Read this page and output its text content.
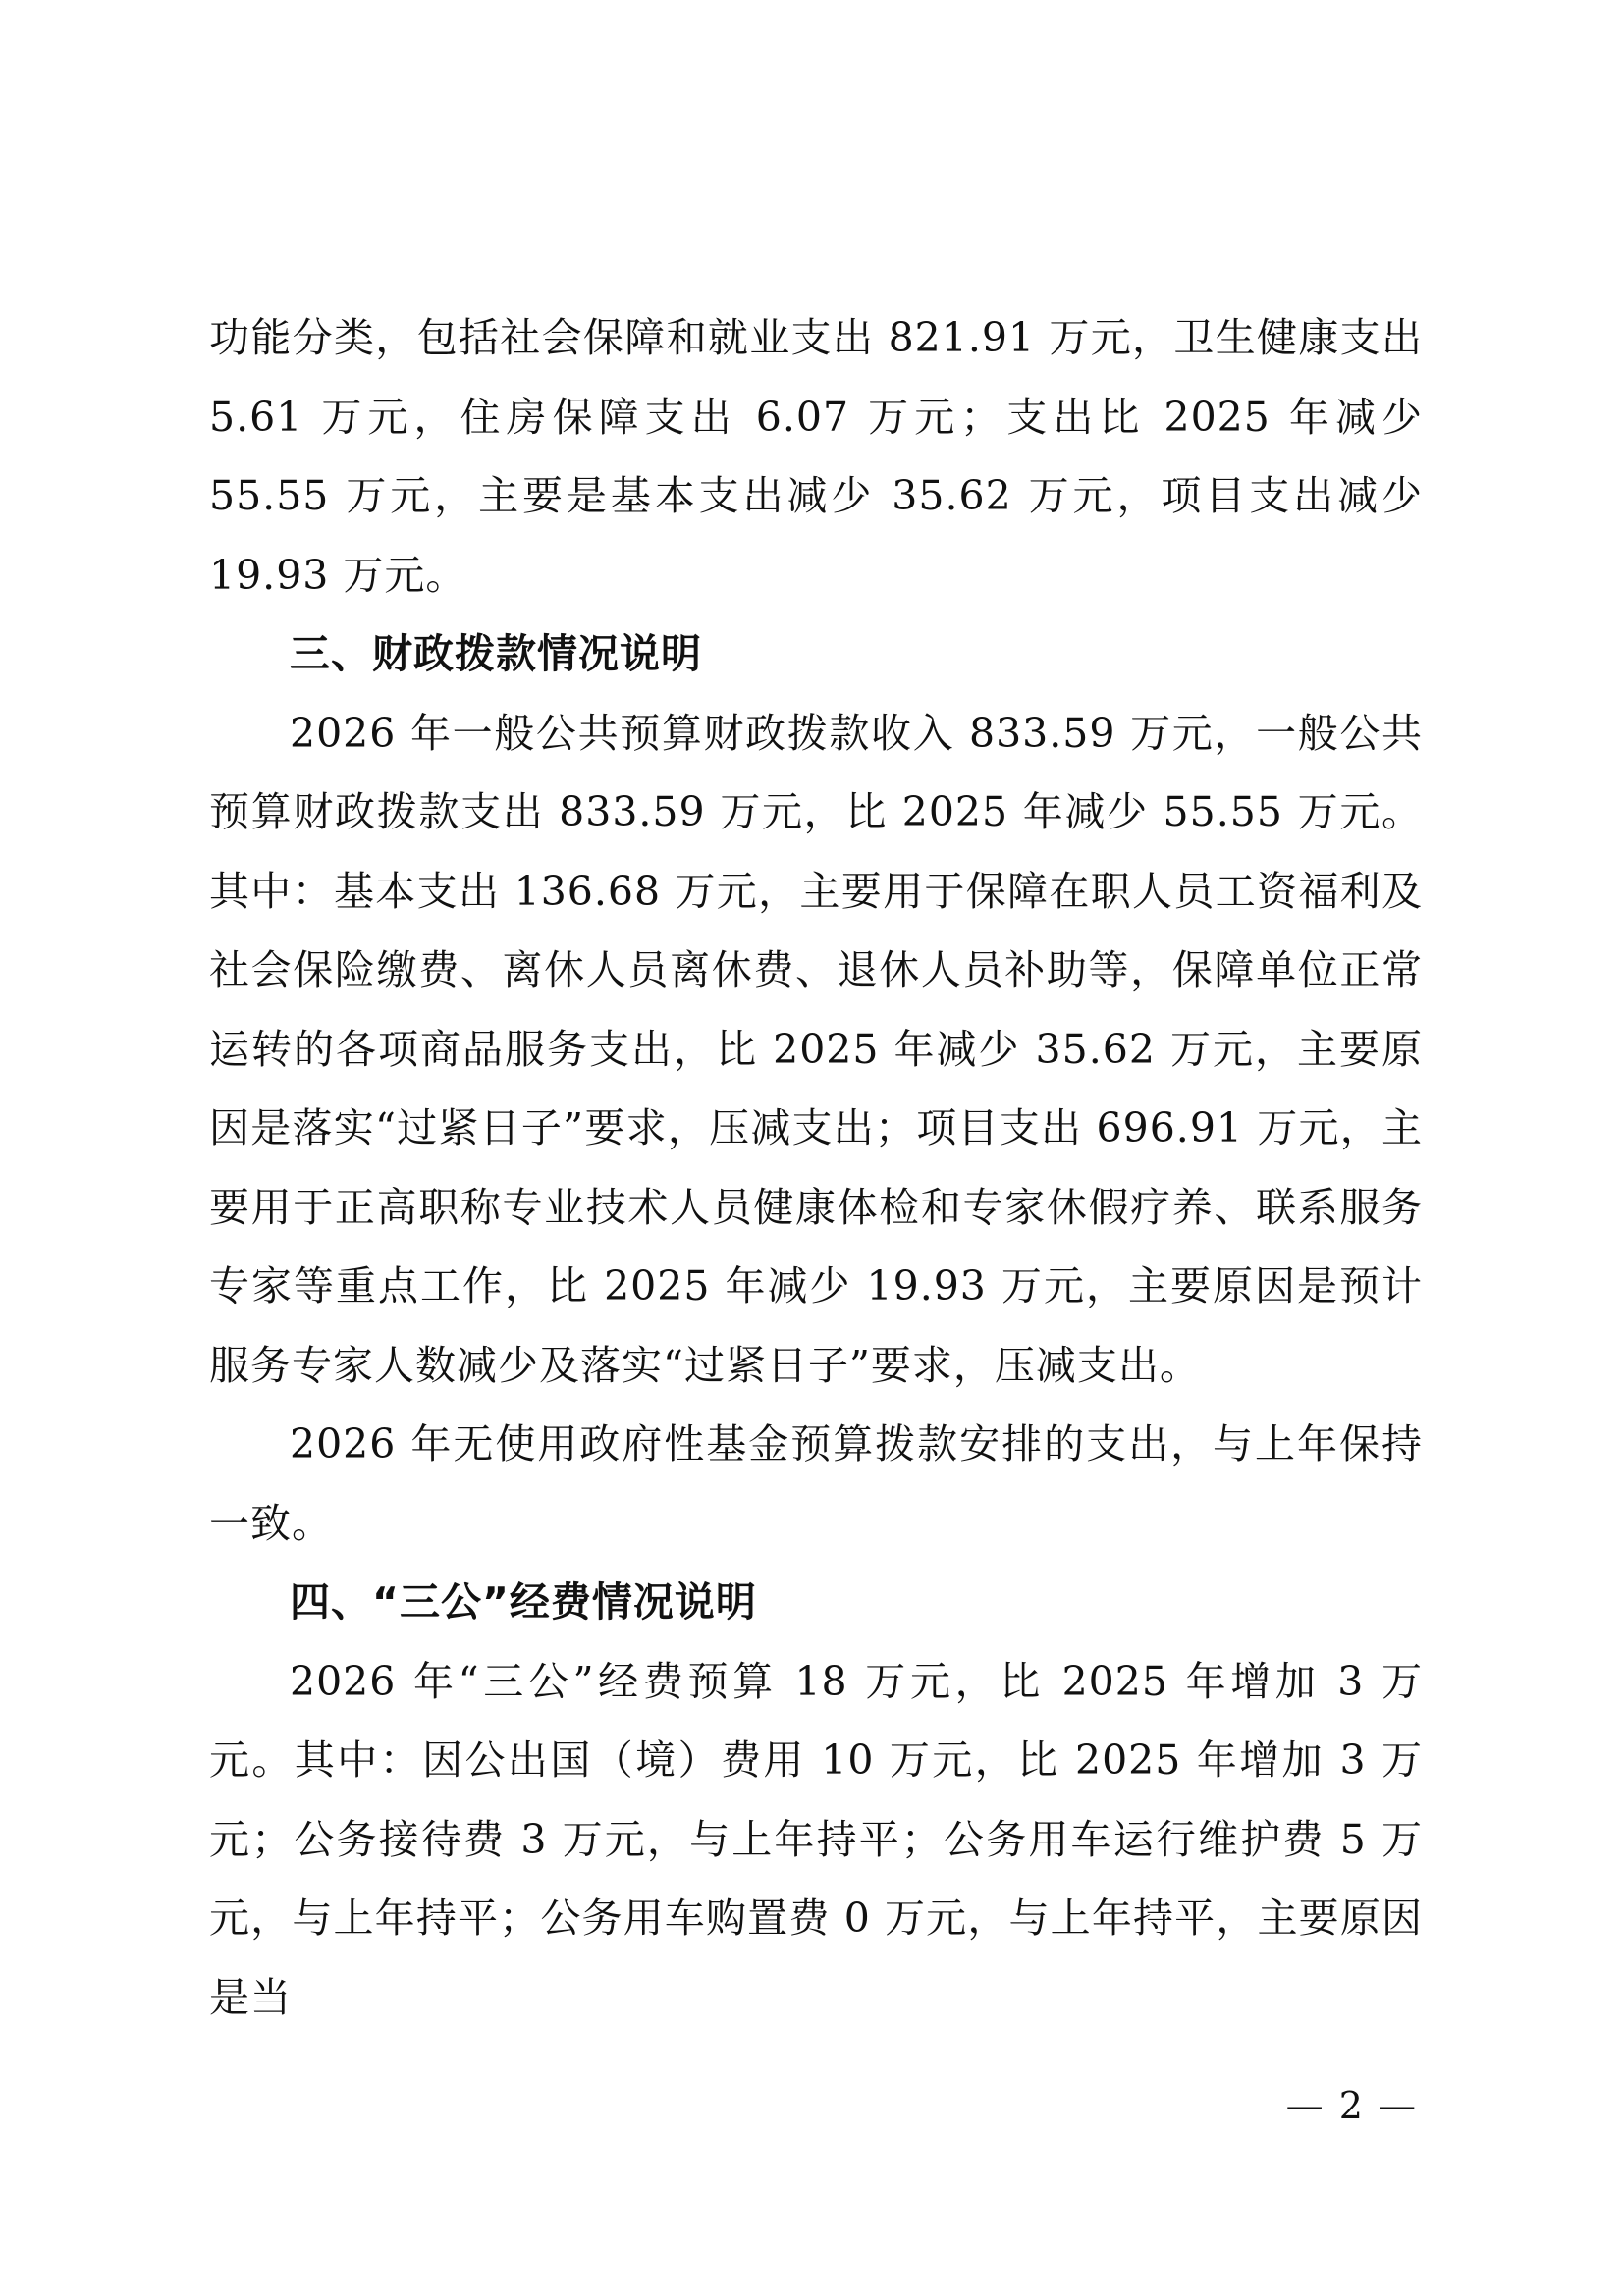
功能分类，包括社会保障和就业支出 821.91 万元，卫生健康支出 5.61 万元，住房保障支出 6.07 万元；支出比 2025 年减少 55.55 万元，主要是基本支出减少 35.62 万元，项目支出减少 19.93 万元。

三、财政拨款情况说明

2026 年一般公共预算财政拨款收入 833.59 万元，一般公共预算财政拨款支出 833.59 万元，比 2025 年减少 55.55 万元。其中：基本支出 136.68 万元，主要用于保障在职人员工资福利及社会保险缴费、离休人员离休费、退休人员补助等，保障单位正常运转的各项商品服务支出，比 2025 年减少 35.62 万元，主要原因是落实“过紧日子”要求，压减支出；项目支出 696.91 万元，主要用于正高职称专业技术人员健康体检和专家休假疗养、联系服务专家等重点工作，比 2025 年减少 19.93 万元，主要原因是预计服务专家人数减少及落实“过紧日子”要求，压减支出。

2026 年无使用政府性基金预算拨款安排的支出，与上年保持一致。

四、“三公”经费情况说明

2026 年“三公”经费预算 18 万元，比 2025 年增加 3 万元。其中：因公出国（境）费用 10 万元，比 2025 年增加 3 万元；公务接待费 3 万元，与上年持平；公务用车运行维护费 5 万元，与上年持平；公务用车购置费 0 万元，与上年持平，主要原因是当

— 2 —
